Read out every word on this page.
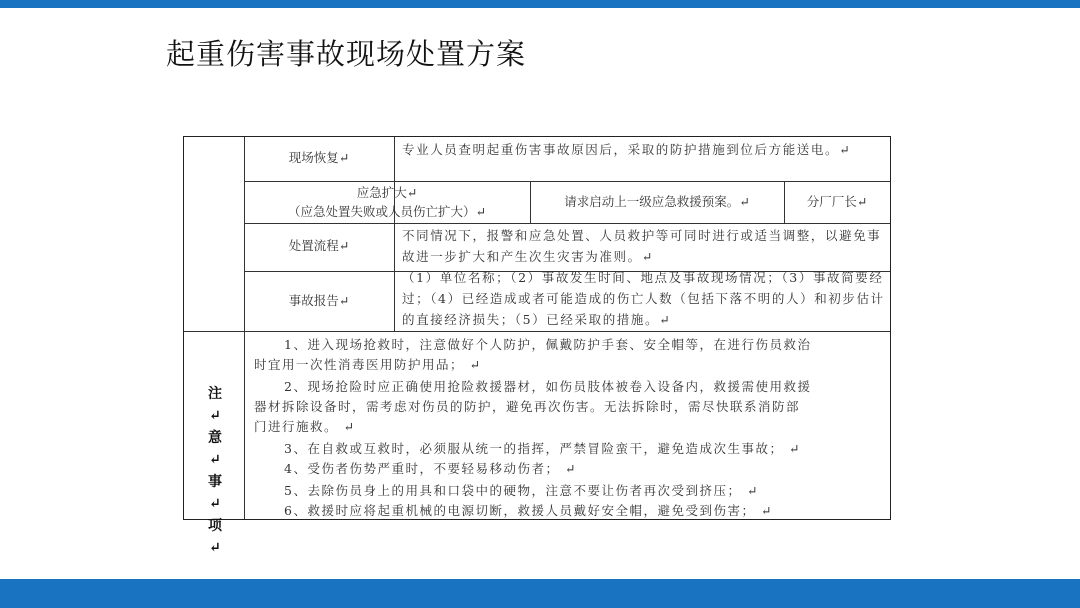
起重伤害事故现场处置方案
现场恢复↵
专业人员查明起重伤害事故原因后，采取的防护措施到位后方能送电。↵
应急扩大↵
（应急处置失败或人员伤亡扩大）↵
请求启动上一级应急救援预案。↵	分厂厂长↵
处置流程↵
不同情况下，报警和应急处置、人员救护等可同时进行或适当调整，以避免事故进一步扩大和产生次生灾害为准则。↵
事故报告↵
（1）单位名称；（2）事故发生时间、地点及事故现场情况；（3）事故简要经过；（4）已经造成或者可能造成的伤亡人数（包括下落不明的人）和初步估计的直接经济损失；（5）已经采取的措施。↵
注↵
意↵
事↵
项↵
1、进入现场抢救时，注意做好个人防护，佩戴防护手套、安全帽等，在进行伤员救治
时宜用一次性消毒医用防护用品； ↵
2、现场抢险时应正确使用抢险救援器材，如伤员肢体被卷入设备内，救援需使用救援
器材拆除设备时，需考虑对伤员的防护，避免再次伤害。无法拆除时，需尽快联系消防部
门进行施救。 ↵
3、在自救或互救时，必须服从统一的指挥，严禁冒险蛮干，避免造成次生事故； ↵
4、受伤者伤势严重时，不要轻易移动伤者； ↵
5、去除伤员身上的用具和口袋中的硬物，注意不要让伤者再次受到挤压； ↵
6、救援时应将起重机械的电源切断，救援人员戴好安全帽，避免受到伤害； ↵
